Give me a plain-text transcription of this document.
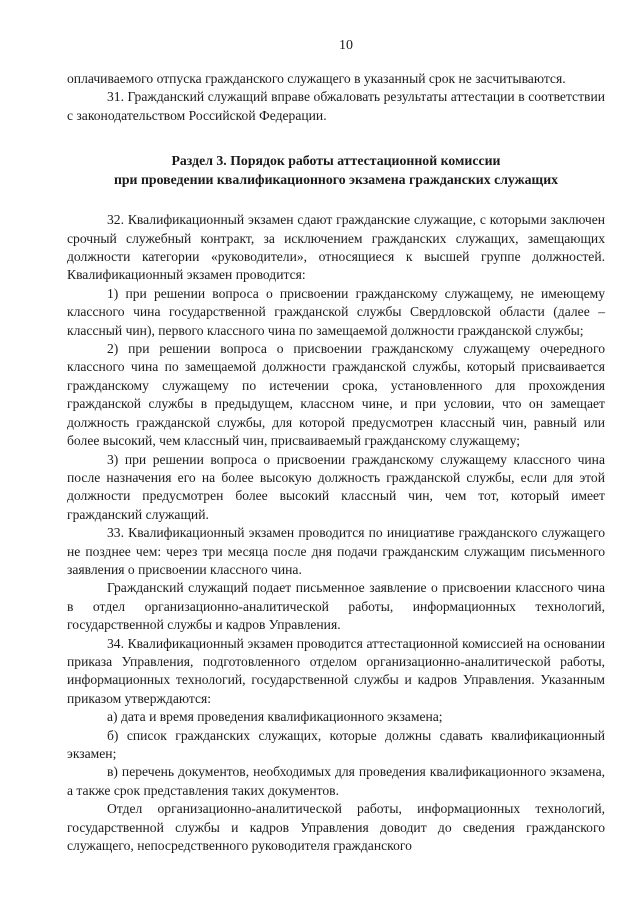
10

оплачиваемого отпуска гражданского служащего в указанный срок не засчитываются.

31. Гражданский служащий вправе обжаловать результаты аттестации в соответствии с законодательством Российской Федерации.

Раздел 3. Порядок работы аттестационной комиссии
при проведении квалификационного экзамена гражданских служащих

32. Квалификационный экзамен сдают гражданские служащие, с которыми заключен срочный служебный контракт, за исключением гражданских служащих, замещающих должности категории «руководители», относящиеся к высшей группе должностей. Квалификационный экзамен проводится:

1) при решении вопроса о присвоении гражданскому служащему, не имеющему классного чина государственной гражданской службы Свердловской области (далее – классный чин), первого классного чина по замещаемой должности гражданской службы;

2) при решении вопроса о присвоении гражданскому служащему очередного классного чина по замещаемой должности гражданской службы, который присваивается гражданскому служащему по истечении срока, установленного для прохождения гражданской службы в предыдущем, классном чине, и при условии, что он замещает должность гражданской службы, для которой предусмотрен классный чин, равный или более высокий, чем классный чин, присваиваемый гражданскому служащему;

3) при решении вопроса о присвоении гражданскому служащему классного чина после назначения его на более высокую должность гражданской службы, если для этой должности предусмотрен более высокий классный чин, чем тот, который имеет гражданский служащий.

33. Квалификационный экзамен проводится по инициативе гражданского служащего не позднее чем: через три месяца после дня подачи гражданским служащим письменного заявления о присвоении классного чина.

Гражданский служащий подает письменное заявление о присвоении классного чина в отдел организационно-аналитической работы, информационных технологий, государственной службы и кадров Управления.

34. Квалификационный экзамен проводится аттестационной комиссией на основании приказа Управления, подготовленного отделом организационно-аналитической работы, информационных технологий, государственной службы и кадров Управления. Указанным приказом утверждаются:

а) дата и время проведения квалификационного экзамена;

б) список гражданских служащих, которые должны сдавать квалификационный экзамен;

в) перечень документов, необходимых для проведения квалификационного экзамена, а также срок представления таких документов.

Отдел организационно-аналитической работы, информационных технологий, государственной службы и кадров Управления доводит до сведения гражданского служащего, непосредственного руководителя гражданского
